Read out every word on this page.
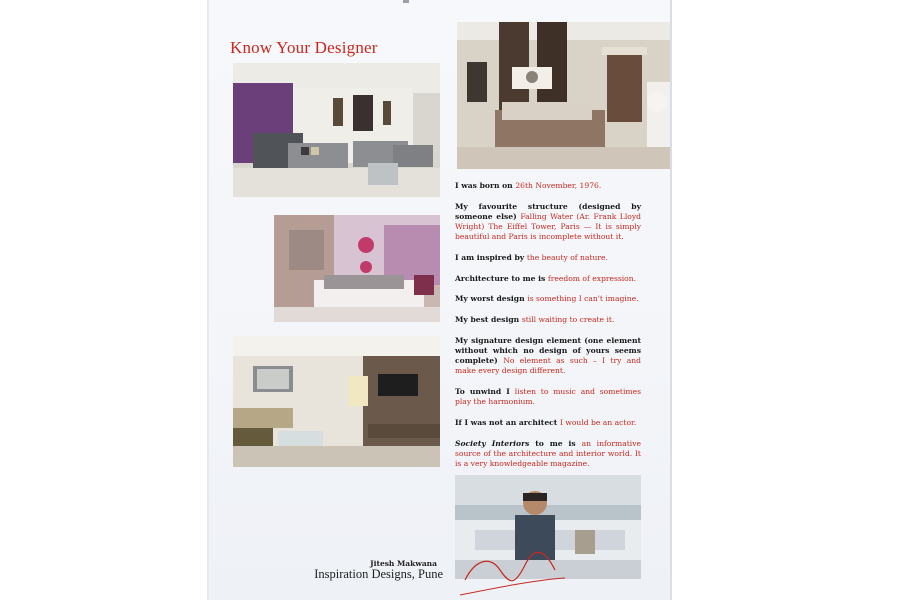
Know Your Designer

I was born on 26th November, 1976.

My favourite structure (designed by someone else) Falling Water (Ar. Frank Lloyd Wright) The Eiffel Tower, Paris — It is simply beautiful and Paris is incomplete without it.

I am inspired by the beauty of nature.

Architecture to me is freedom of expression.

My worst design is something I can't imagine.

My best design still waiting to create it.

My signature design element (one element without which no design of yours seems complete) No element as such – I try and make every design different.

To unwind I listen to music and sometimes play the harmonium.

If I was not an architect I would be an actor.

Society Interiors to me is an informative source of the architecture and interior world. It is a very knowledgeable magazine.

Jitesh Makwana
Inspiration Designs, Pune
